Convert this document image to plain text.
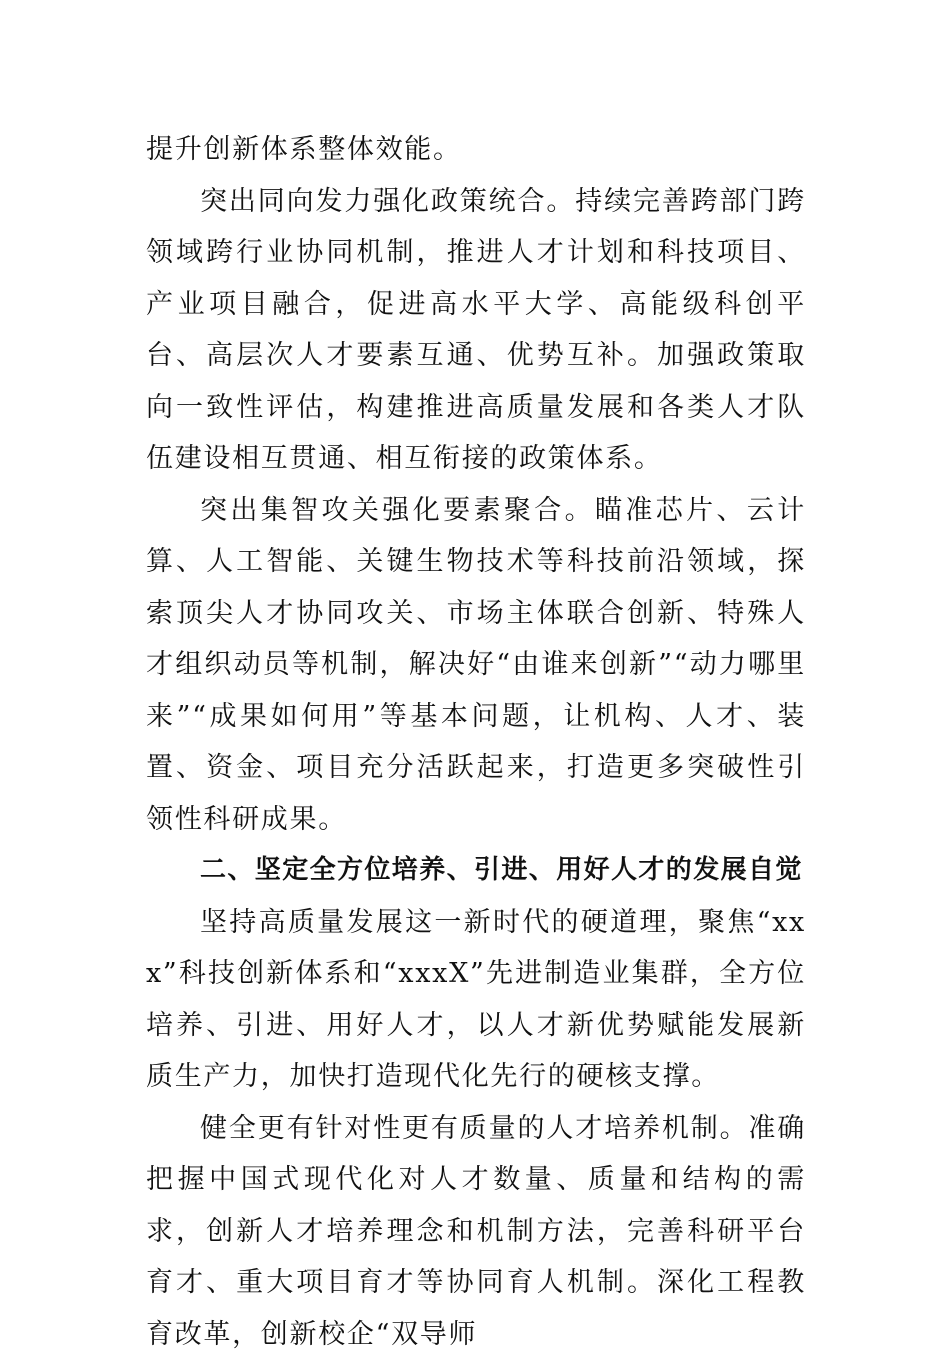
提升创新体系整体效能。

突出同向发力强化政策统合。持续完善跨部门跨领域跨行业协同机制，推进人才计划和科技项目、产业项目融合，促进高水平大学、高能级科创平台、高层次人才要素互通、优势互补。加强政策取向一致性评估，构建推进高质量发展和各类人才队伍建设相互贯通、相互衔接的政策体系。

突出集智攻关强化要素聚合。瞄准芯片、云计算、人工智能、关键生物技术等科技前沿领域，探索顶尖人才协同攻关、市场主体联合创新、特殊人才组织动员等机制，解决好“由谁来创新”“动力哪里来”“成果如何用”等基本问题，让机构、人才、装置、资金、项目充分活跃起来，打造更多突破性引领性科研成果。

二、坚定全方位培养、引进、用好人才的发展自觉

坚持高质量发展这一新时代的硬道理，聚焦“xxx”科技创新体系和“xxxX”先进制造业集群，全方位培养、引进、用好人才，以人才新优势赋能发展新质生产力，加快打造现代化先行的硬核支撑。

健全更有针对性更有质量的人才培养机制。准确把握中国式现代化对人才数量、质量和结构的需求，创新人才培养理念和机制方法，完善科研平台育才、重大项目育才等协同育人机制。深化工程教育改革，创新校企“双导师
